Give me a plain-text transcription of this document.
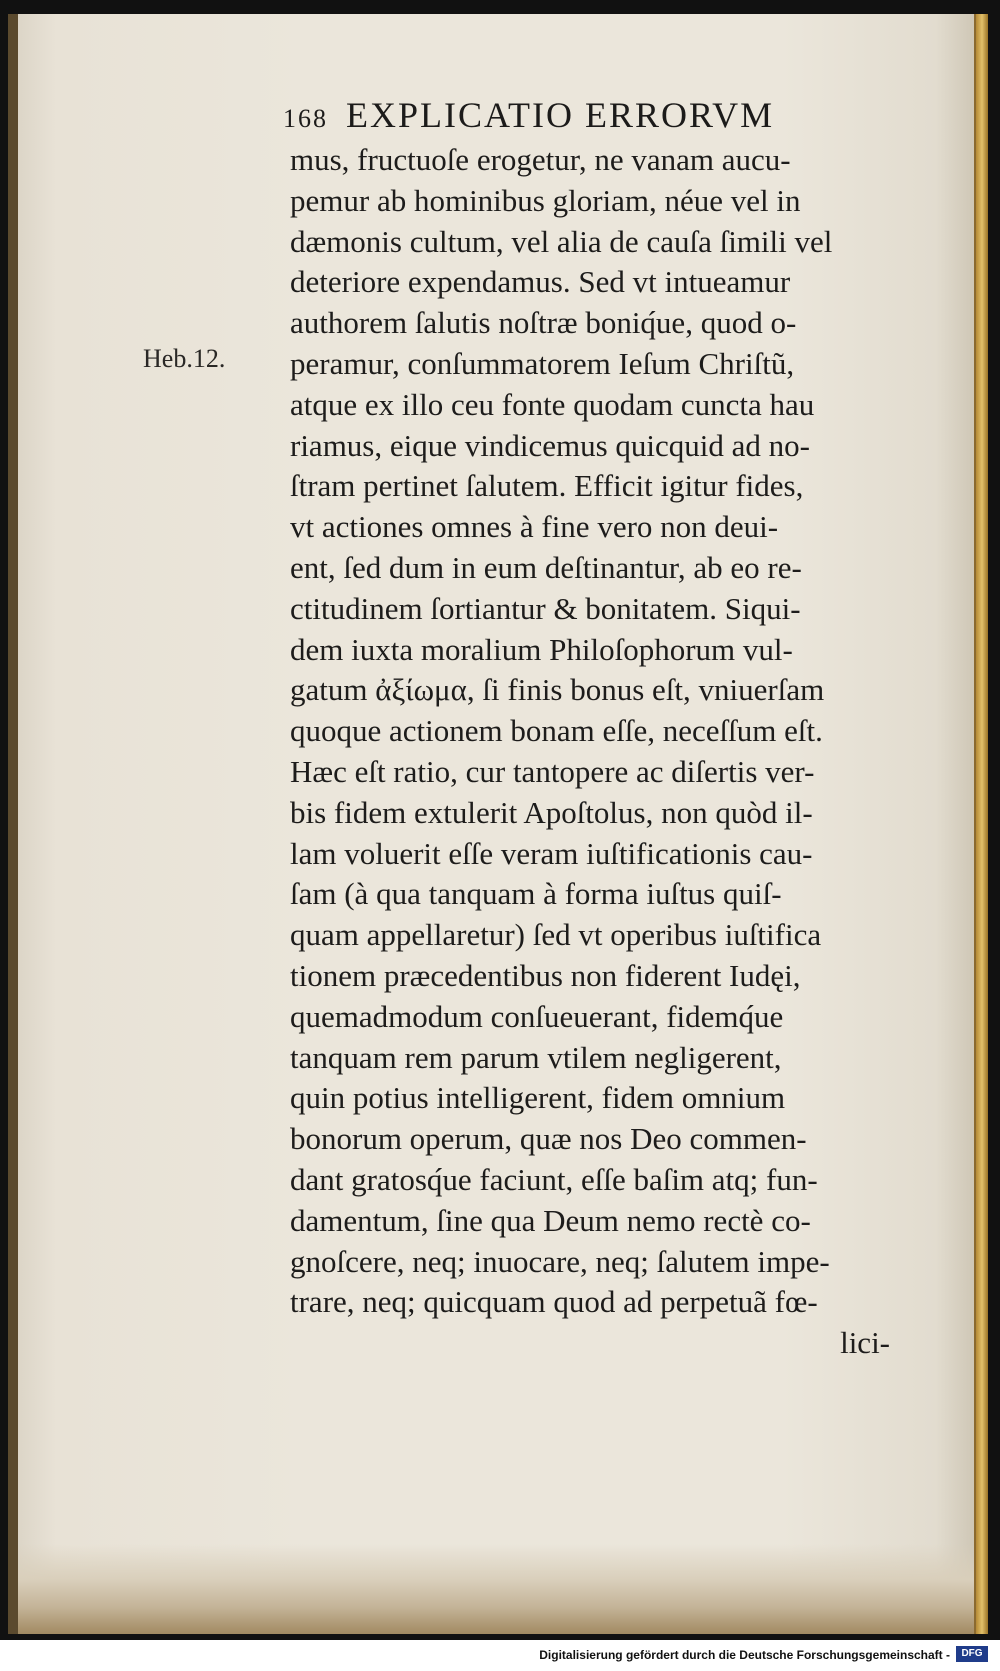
168 EXPLICATIO ERRORVM
Heb.12.
mus, fructuoſe erogetur, ne vanam aucu-
pemur ab hominibus gloriam, néue vel in
dæmonis cultum, vel alia de cauſa ſimili vel
deteriore expendamus. Sed vt intueamur
authorem ſalutis noſtræ boniq́ue, quod o-
peramur, conſummatorem Ieſum Chriſtũ,
atque ex illo ceu fonte quodam cuncta hau
riamus, eique vindicemus quicquid ad no-
ſtram pertinet ſalutem. Efficit igitur fides,
vt actiones omnes à fine vero non deui-
ent, ſed dum in eum deſtinantur, ab eo re-
ctitudinem ſortiantur & bonitatem. Siqui-
dem iuxta moralium Philoſophorum vul-
gatum ἀξίωμα, ſi finis bonus eſt, vniuerſam
quoque actionem bonam eſſe, neceſſum eſt.
Hæc eſt ratio, cur tantopere ac diſertis ver-
bis fidem extulerit Apoſtolus, non quòd il-
lam voluerit eſſe veram iuſtificationis cau-
ſam (à qua tanquam à forma iuſtus quiſ-
quam appellaretur) ſed vt operibus iuſtifica
tionem præcedentibus non fiderent Iudęi,
quemadmodum conſueuerant, fidemq́ue
tanquam rem parum vtilem negligerent,
quin potius intelligerent, fidem omnium
bonorum operum, quæ nos Deo commen-
dant gratosq́ue faciunt, eſſe baſim atq; fun-
damentum, ſine qua Deum nemo rectè co-
gnoſcere, neq; inuocare, neq; ſalutem impe-
trare, neq; quicquam quod ad perpetuã fœ-
lici-
Digitalisierung gefördert durch die Deutsche Forschungsgemeinschaft -	DFG
